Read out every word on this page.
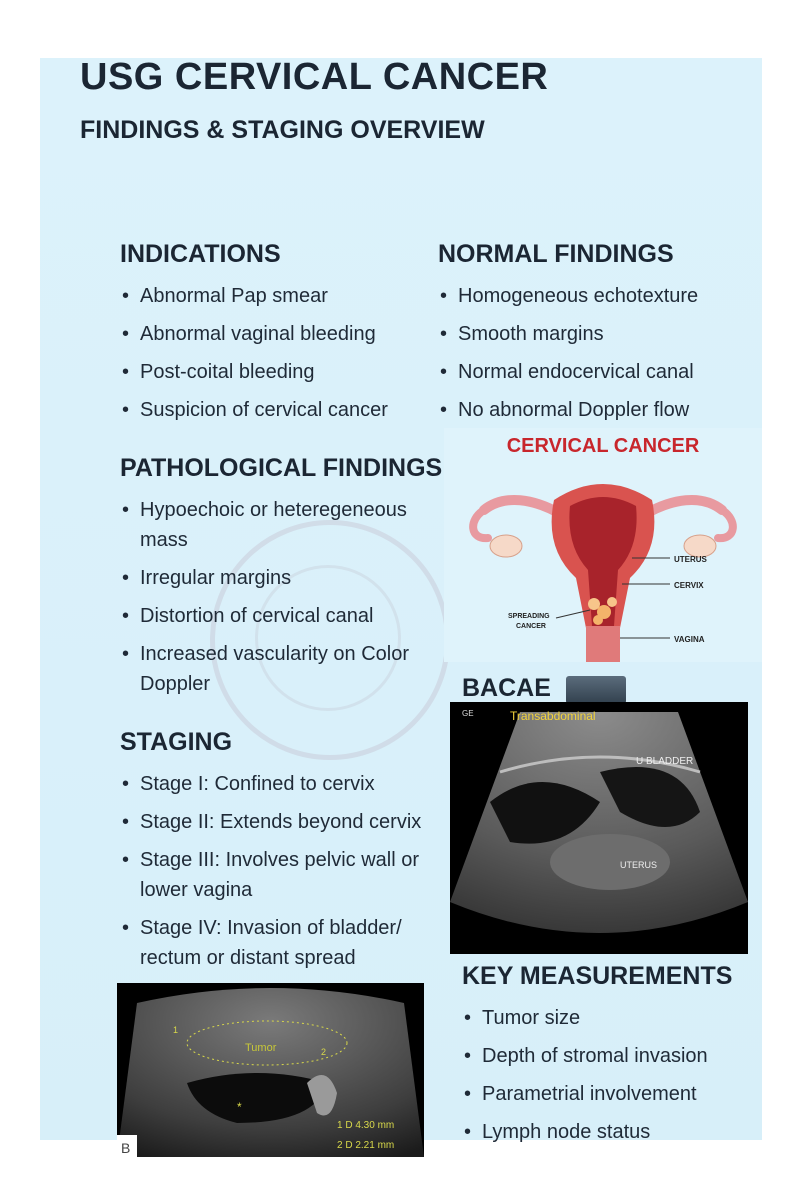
USG CERVICAL CANCER
FINDINGS & STAGING OVERVIEW
INDICATIONS
• Abnormal Pap smear
• Abnormal vaginal bleeding
• Post-coital bleeding
• Suspicion of cervical cancer
NORMAL FINDINGS
• Homogeneous echotexture
• Smooth margins
• Normal endocervical canal
• No abnormal Doppler flow
PATHOLOGICAL FINDINGS
• Hypoechoic or heteregeneous mass
• Irregular margins
• Distortion of cervical canal
• Increased vascularity on Color Doppler
STAGING
• Stage I: Confined to cervix
• Stage II: Extends beyond cervix
• Stage III: Involves pelvic wall or lower vagina
• Stage IV: Invasion of bladder/ rectum or distant spread
KEY MEASUREMENTS
• Tumor size
• Depth of stromal invasion
• Parametrial involvement
• Lymph node status
CERVICAL CANCER
UTERUS
CERVIX
SPREADING
CANCER
VAGINA
BACAE
GE	Transabdominal
U BLADDER
UTERUS
Tumor
*
1
2
1 D 4.30 mm
2 D 2.21 mm
B
